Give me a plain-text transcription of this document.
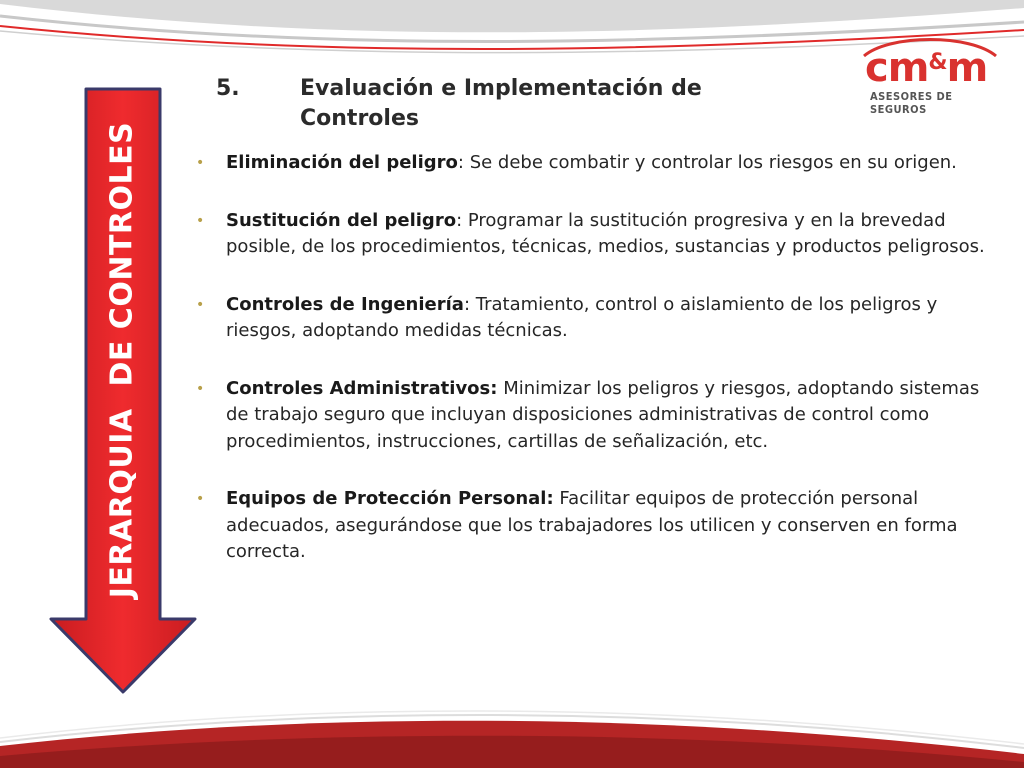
cm&m
ASESORES DE SEGUROS
JERARQUIA  DE CONTROLES
5.	Evaluación e Implementación de Controles
• Eliminación del peligro: Se debe combatir y controlar los riesgos en su origen.
• Sustitución del peligro: Programar la sustitución progresiva y en la brevedad posible, de los procedimientos, técnicas, medios, sustancias y productos peligrosos.
• Controles de Ingeniería: Tratamiento, control o aislamiento de los peligros y riesgos, adoptando medidas técnicas.
• Controles Administrativos: Minimizar los peligros y riesgos, adoptando sistemas de trabajo seguro que incluyan disposiciones administrativas de control como procedimientos, instrucciones, cartillas de señalización, etc.
• Equipos de Protección Personal: Facilitar equipos de protección personal adecuados, asegurándose que los trabajadores los utilicen y conserven en forma correcta.
